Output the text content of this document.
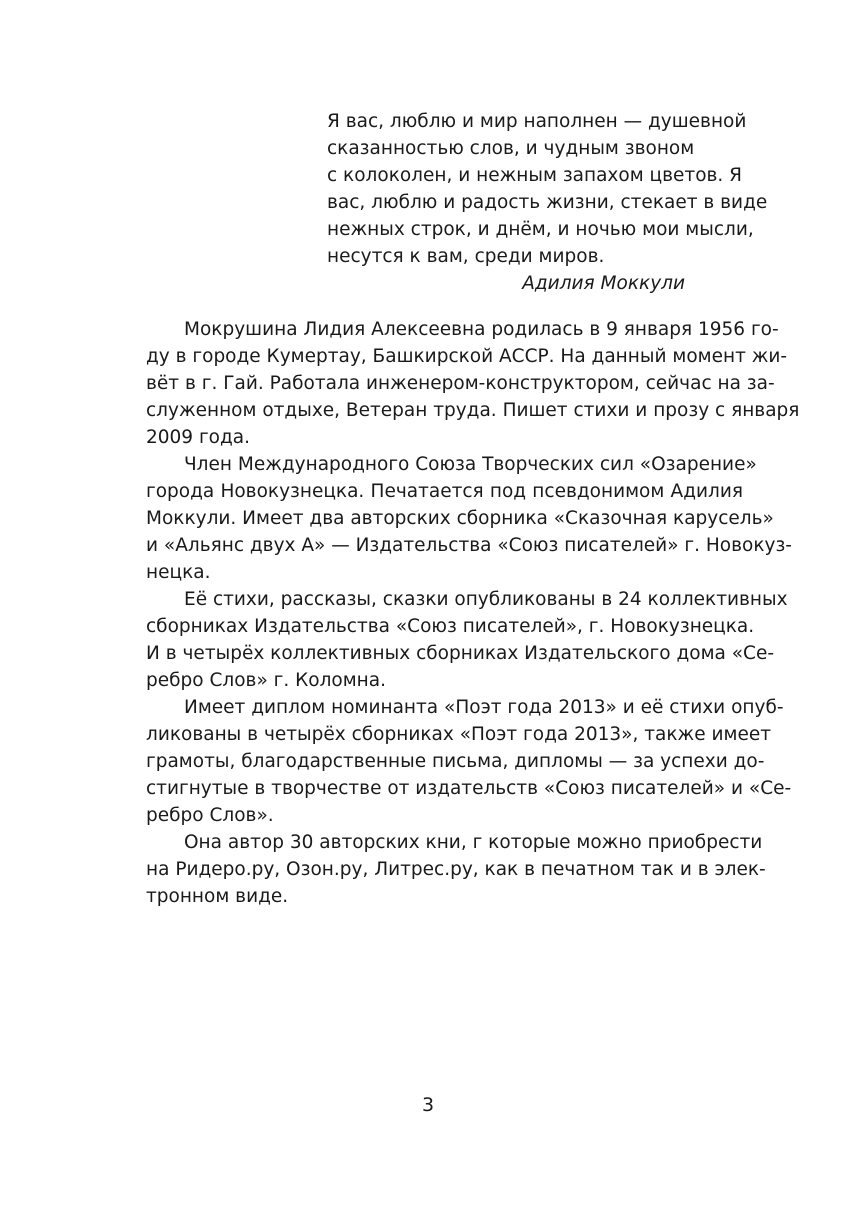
Я вас, люблю и мир наполнен — душевной
сказанностью слов, и чудным звоном
с колоколен, и нежным запахом цветов. Я
вас, люблю и радость жизни, стекает в виде
нежных строк, и днём, и ночью мои мысли,
несутся к вам, среди миров.
Адилия Моккули
Мокрушина Лидия Алексеевна родилась в 9 января 1956 го-
ду в городе Кумертау, Башкирской АССР. На данный момент жи-
вёт в г. Гай. Работала инженером-конструктором, сейчас на за-
служенном отдыхе, Ветеран труда. Пишет стихи и прозу с января
2009 года.
Член Международного Союза Творческих сил «Озарение»
города Новокузнецка. Печатается под псевдонимом Адилия
Моккули. Имеет два авторских сборника «Сказочная карусель»
и «Альянс двух А» — Издательства «Союз писателей» г. Новокуз-
нецка.
Её стихи, рассказы, сказки опубликованы в 24 коллективных
сборниках Издательства «Союз писателей», г. Новокузнецка.
И в четырёх коллективных сборниках Издательского дома «Се-
ребро Слов» г. Коломна.
Имеет диплом номинанта «Поэт года 2013» и её стихи опуб-
ликованы в четырёх сборниках «Поэт года 2013», также имеет
грамоты, благодарственные письма, дипломы — за успехи до-
стигнутые в творчестве от издательств «Союз писателей» и «Се-
ребро Слов».
Она автор 30 авторских кни, г которые можно приобрести
на Ридеро.ру, Озон.ру, Литрес.ру, как в печатном так и в элек-
тронном виде.
3
